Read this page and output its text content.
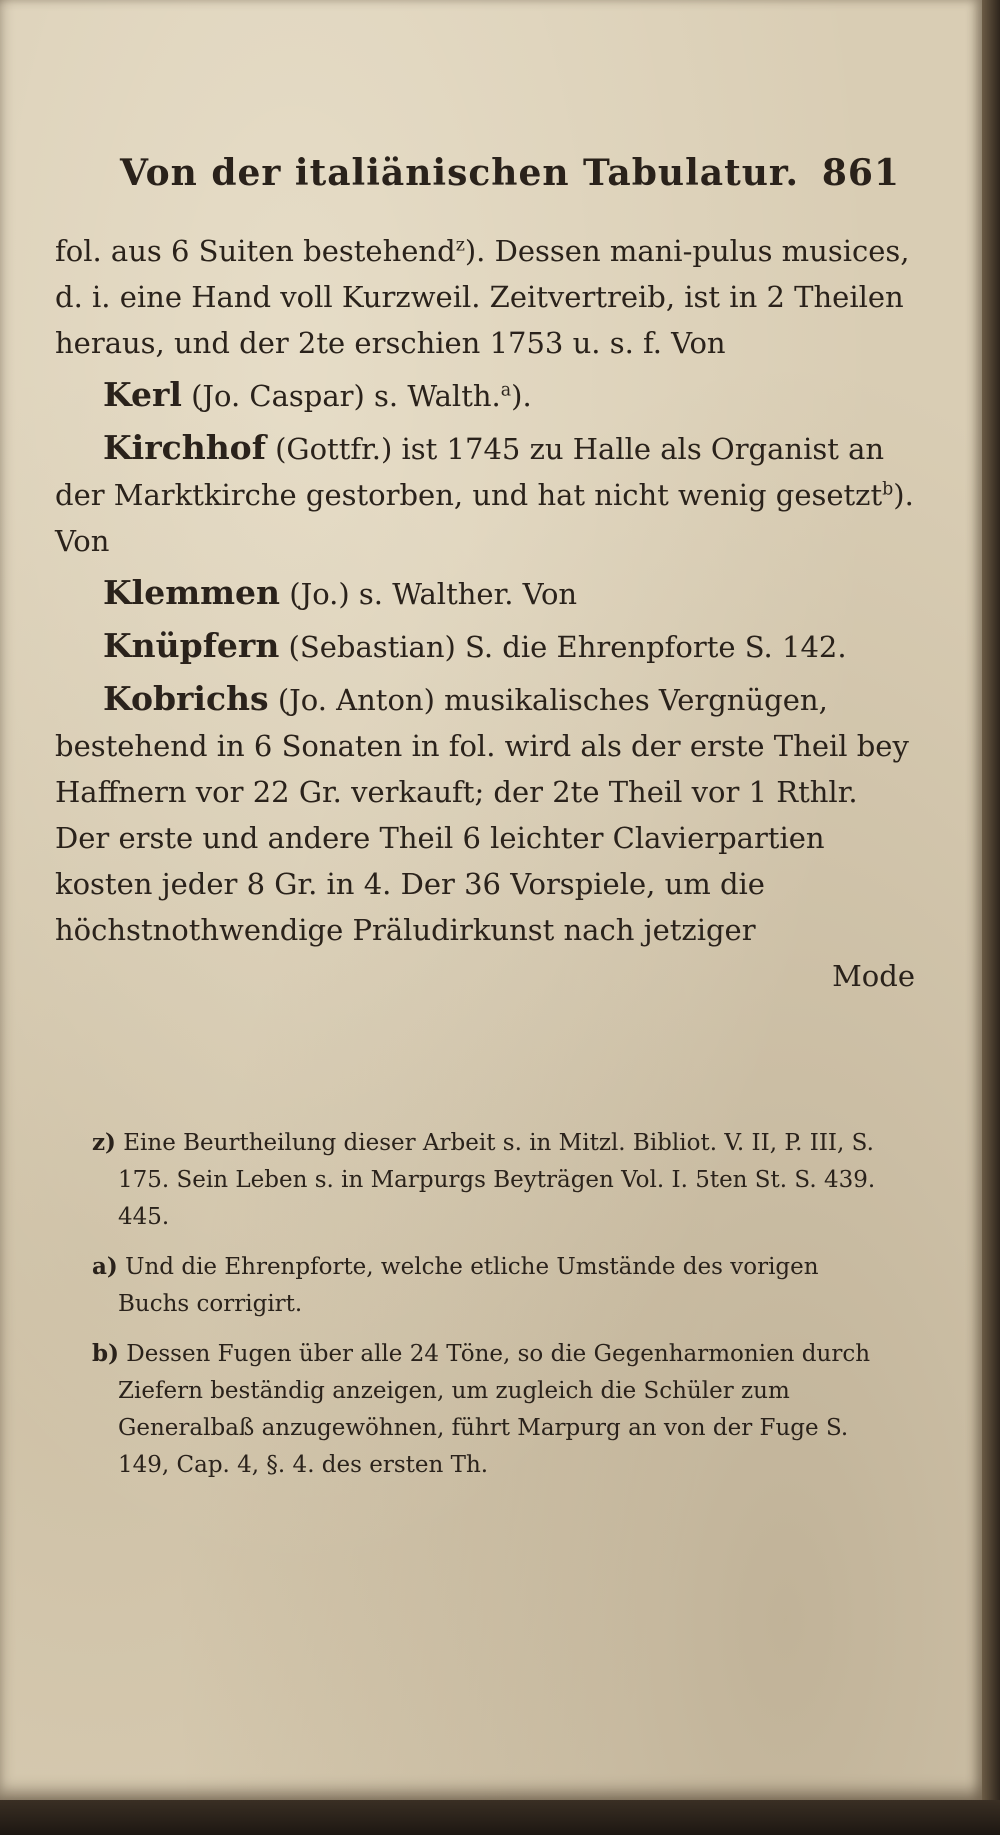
Von der italiänischen Tabulatur. 861

fol. aus 6 Suiten bestehend$^z$). Dessen mani-pulus musices, d. i. eine Hand voll Kurzweil. Zeitvertreib, ist in 2 Theilen heraus, und der 2te erschien 1753 u. s. f. Von

Kerl (Jo. Caspar) s. Walth.$^a$).

Kirchhof (Gottfr.) ist 1745 zu Halle als Organist an der Marktkirche gestorben, und hat nicht wenig gesetzt$^b$). Von

Klemmen (Jo.) s. Walther. Von

Knüpfern (Sebastian) S. die Ehrenpforte S. 142.

Kobrichs (Jo. Anton) musikalisches Vergnügen, bestehend in 6 Sonaten in fol. wird als der erste Theil bey Haffnern vor 22 Gr. verkauft; der 2te Theil vor 1 Rthlr. Der erste und andere Theil 6 leichter Clavierpartien kosten jeder 8 Gr. in 4. Der 36 Vorspiele, um die höchstnothwendige Präludirkunst nach jetziger

Mode

z) Eine Beurtheilung dieser Arbeit s. in Mitzl. Bibliot. V. II, P. III, S. 175. Sein Leben s. in Marpurgs Beyträgen Vol. I. 5ten St. S. 439. 445.

a) Und die Ehrenpforte, welche etliche Umstände des vorigen Buchs corrigirt.

b) Dessen Fugen über alle 24 Töne, so die Gegenharmonien durch Ziefern beständig anzeigen, um zugleich die Schüler zum Generalbaß anzugewöhnen, führt Marpurg an von der Fuge S. 149, Cap. 4, §. 4. des ersten Th.
